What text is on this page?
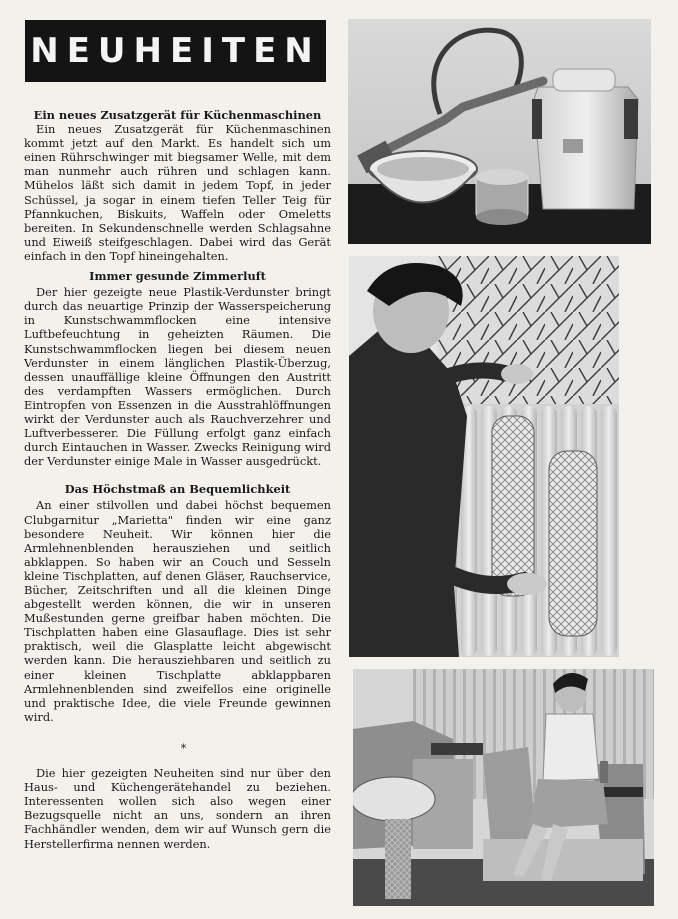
NEUHEITEN
Ein neues Zusatzgerät für Küchenmaschinen

Ein neues Zusatzgerät für Küchenmaschinen kommt jetzt auf den Markt. Es handelt sich um einen Rührschwinger mit biegsamer Welle, mit dem man nunmehr auch rühren und schlagen kann. Mühelos läßt sich damit in jedem Topf, in jeder Schüssel, ja sogar in einem tiefen Teller Teig für Pfannkuchen, Biskuits, Waffeln oder Omeletts bereiten. In Sekundenschnelle werden Schlagsahne und Eiweiß steifgeschlagen. Dabei wird das Gerät einfach in den Topf hineingehalten.

Immer gesunde Zimmerluft

Der hier gezeigte neue Plastik-Verdunster bringt durch das neuartige Prinzip der Wasserspeicherung in Kunstschwammflocken eine intensive Luftbefeuchtung in geheizten Räumen. Die Kunstschwammflocken liegen bei diesem neuen Verdunster in einem länglichen Plastik-Überzug, dessen unauffällige kleine Öffnungen den Austritt des verdampften Wassers ermöglichen. Durch Eintropfen von Essenzen in die Ausstrahlöffnungen wirkt der Verdunster auch als Rauchverzehrer und Luftverbesserer. Die Füllung erfolgt ganz einfach durch Eintauchen in Wasser. Zwecks Reinigung wird der Verdunster einige Male in Wasser ausgedrückt.

Das Höchstmaß an Bequemlichkeit

An einer stilvollen und dabei höchst bequemen Clubgarnitur „Marietta" finden wir eine ganz besondere Neuheit. Wir können hier die Armlehnenblenden herausziehen und seitlich abklappen. So haben wir an Couch und Sesseln kleine Tischplatten, auf denen Gläser, Rauchservice, Bücher, Zeitschriften und all die kleinen Dinge abgestellt werden können, die wir in unseren Mußestunden gerne greifbar haben möchten. Die Tischplatten haben eine Glasauflage. Dies ist sehr praktisch, weil die Glasplatte leicht abgewischt werden kann. Die herausziehbaren und seitlich zu einer kleinen Tischplatte abklappbaren Armlehnenblenden sind zweifellos eine originelle und praktische Idee, die viele Freunde gewinnen wird.

*

Die hier gezeigten Neuheiten sind nur über den Haus- und Küchengerätehandel zu beziehen. Interessenten wollen sich also wegen einer Bezugsquelle nicht an uns, sondern an ihren Fachhändler wenden, dem wir auf Wunsch gern die Herstellerfirma nennen werden.
